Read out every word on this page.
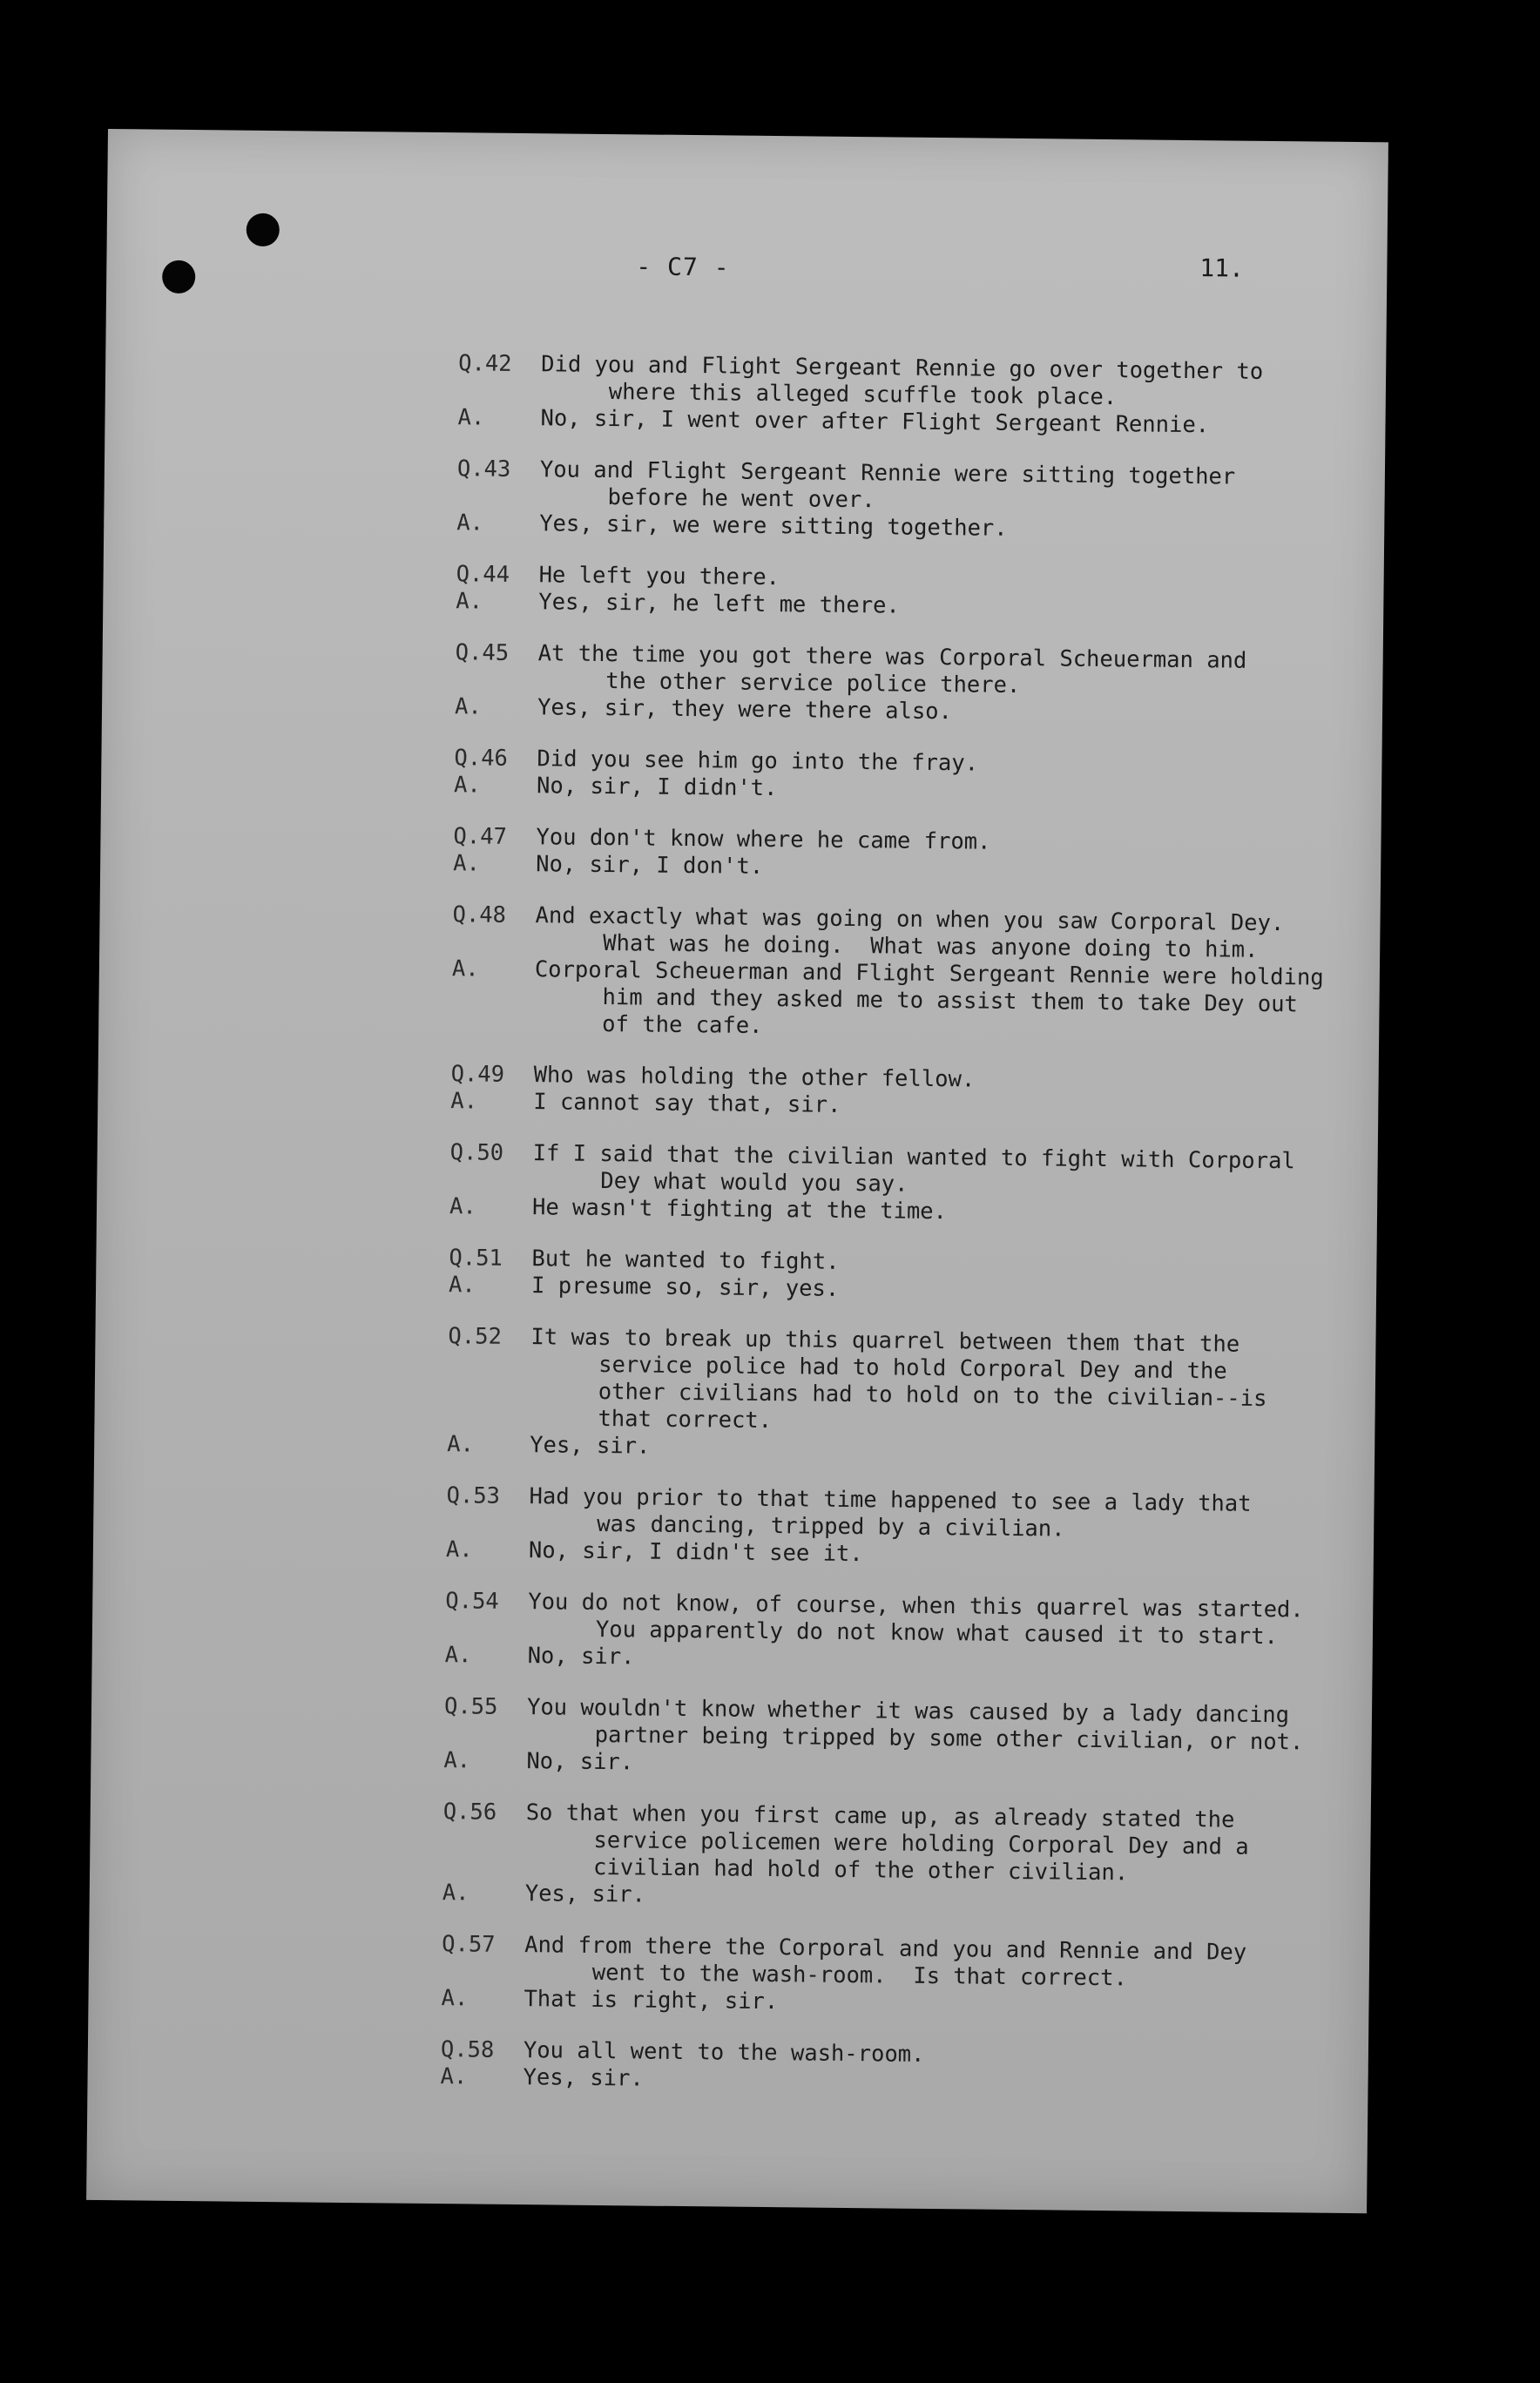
- C7 -	11.
Q.42	Did you and Flight Sergeant Rennie go over together to
where this alleged scuffle took place.
A.	No, sir, I went over after Flight Sergeant Rennie.
Q.43	You and Flight Sergeant Rennie were sitting together
before he went over.
A.	Yes, sir, we were sitting together.
Q.44	He left you there.
A.	Yes, sir, he left me there.
Q.45	At the time you got there was Corporal Scheuerman and
the other service police there.
A.	Yes, sir, they were there also.
Q.46	Did you see him go into the fray.
A.	No, sir, I didn't.
Q.47	You don't know where he came from.
A.	No, sir, I don't.
Q.48	And exactly what was going on when you saw Corporal Dey.
What was he doing.  What was anyone doing to him.
A.	Corporal Scheuerman and Flight Sergeant Rennie were holding
him and they asked me to assist them to take Dey out
of the cafe.
Q.49	Who was holding the other fellow.
A.	I cannot say that, sir.
Q.50	If I said that the civilian wanted to fight with Corporal
Dey what would you say.
A.	He wasn't fighting at the time.
Q.51	But he wanted to fight.
A.	I presume so, sir, yes.
Q.52	It was to break up this quarrel between them that the
service police had to hold Corporal Dey and the
other civilians had to hold on to the civilian--is
that correct.
A.	Yes, sir.
Q.53	Had you prior to that time happened to see a lady that
was dancing, tripped by a civilian.
A.	No, sir, I didn't see it.
Q.54	You do not know, of course, when this quarrel was started.
You apparently do not know what caused it to start.
A.	No, sir.
Q.55	You wouldn't know whether it was caused by a lady dancing
partner being tripped by some other civilian, or not.
A.	No, sir.
Q.56	So that when you first came up, as already stated the
service policemen were holding Corporal Dey and a
civilian had hold of the other civilian.
A.	Yes, sir.
Q.57	And from there the Corporal and you and Rennie and Dey
went to the wash-room.  Is that correct.
A.	That is right, sir.
Q.58	You all went to the wash-room.
A.	Yes, sir.
